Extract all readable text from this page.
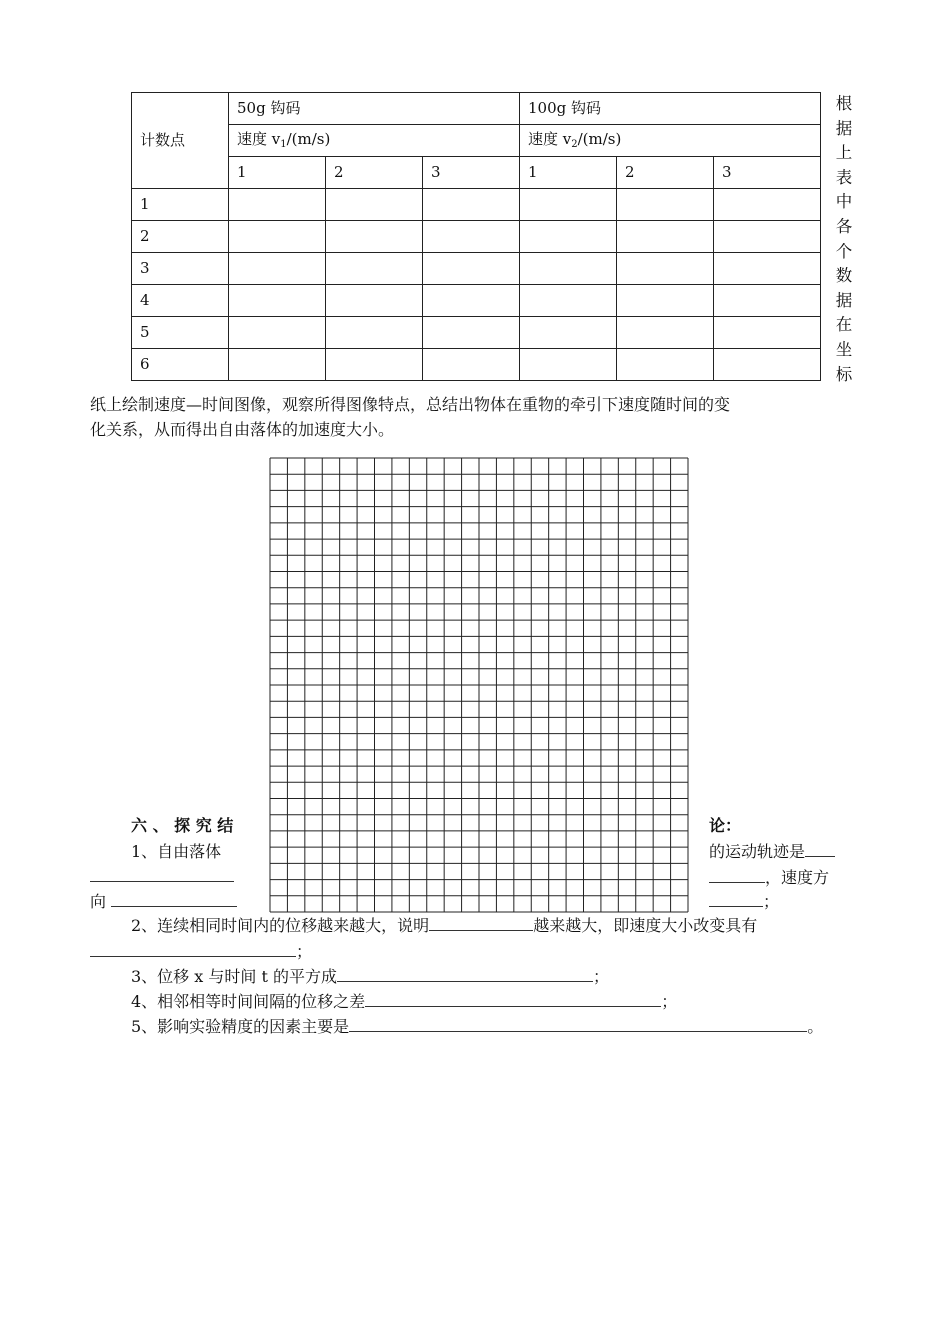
计数点	50g 钩码			100g 钩码		
	速度 $v_1/(m/s)$			速度 $v_2/(m/s)$		
	1	2	3	1	2	3
1						
2						
3						
4						
5						
6						
根
据
上
表
中
各
个
数
据
在
坐
标
纸上绘制速度—时间图像，观察所得图像特点，总结出物体在重物的牵引下速度随时间的变
化关系，从而得出自由落体的加速度大小。
六 、 探 究 结	论：
1、自由落体	的运动轨迹是
，速度方
向	；
2、连续相同时间内的位移越来越大，说明	越来越大，即速度大小改变具有
；
3、位移 x 与时间 t 的平方成	；
4、相邻相等时间间隔的位移之差	；
5、影响实验精度的因素主要是	。
